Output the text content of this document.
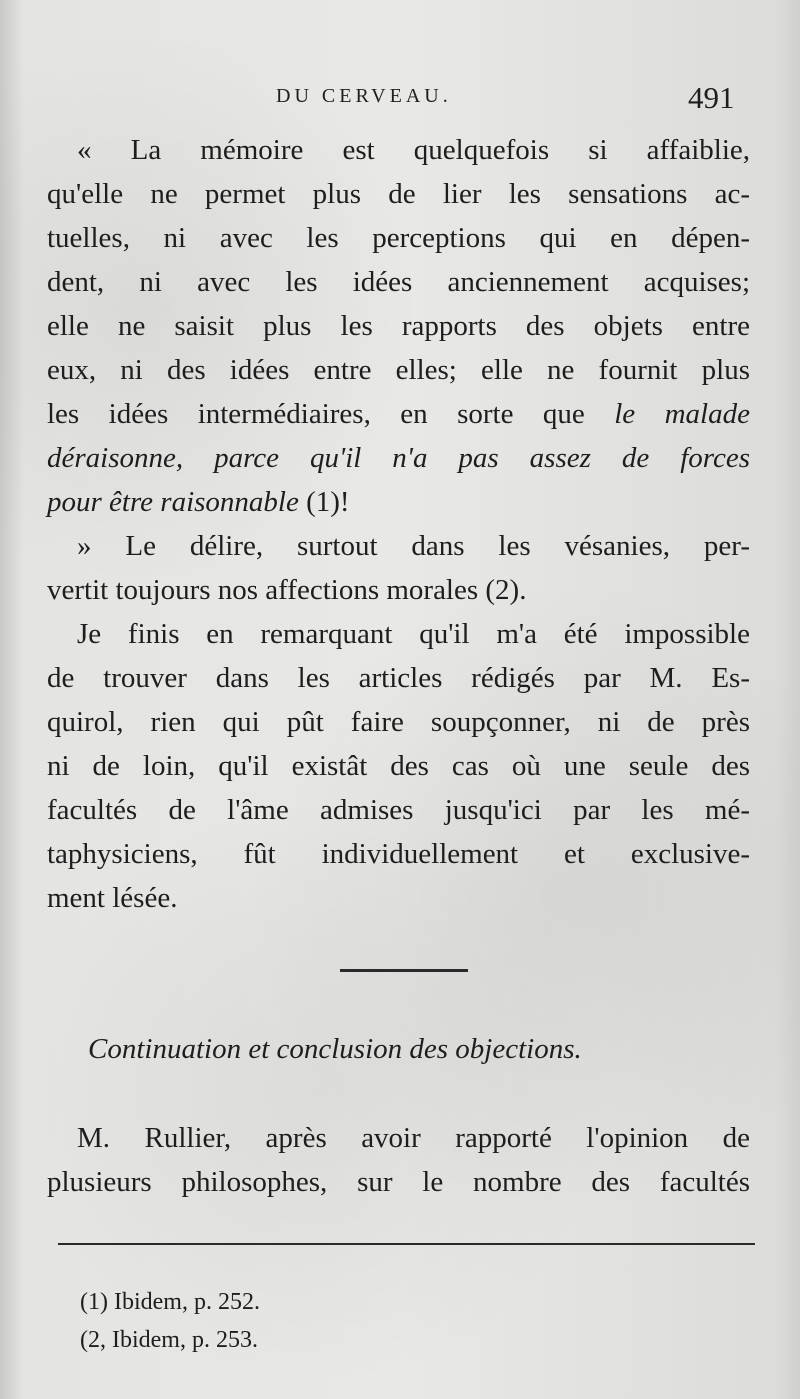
DU CERVEAU.	491
« La mémoire est quelquefois si affaiblie,
qu'elle ne permet plus de lier les sensations ac-
tuelles, ni avec les perceptions qui en dépen-
dent, ni avec les idées anciennement acquises;
elle ne saisit plus les rapports des objets entre
eux, ni des idées entre elles; elle ne fournit plus
les idées intermédiaires, en sorte que le malade
déraisonne, parce qu'il n'a pas assez de forces
pour être raisonnable (1)!
» Le délire, surtout dans les vésanies, per-
vertit toujours nos affections morales (2).
Je finis en remarquant qu'il m'a été impossible
de trouver dans les articles rédigés par M. Es-
quirol, rien qui pût faire soupçonner, ni de près
ni de loin, qu'il existât des cas où une seule des
facultés de l'âme admises jusqu'ici par les mé-
taphysiciens, fût individuellement et exclusive-
ment lésée.
Continuation et conclusion des objections.
M. Rullier, après avoir rapporté l'opinion de
plusieurs philosophes, sur le nombre des facultés
(1) Ibidem, p. 252.
(2, Ibidem, p. 253.
